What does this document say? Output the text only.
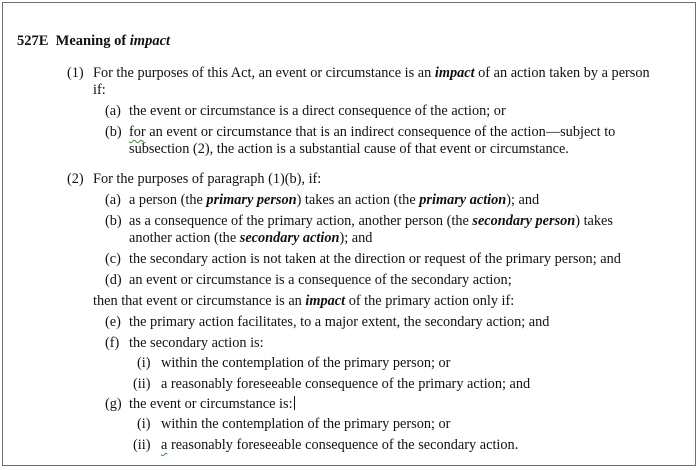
527E Meaning of impact
(1) For the purposes of this Act, an event or circumstance is an impact of an action taken by a person
if:
(a) the event or circumstance is a direct consequence of the action; or
(b) for an event or circumstance that is an indirect consequence of the action—subject to
subsection (2), the action is a substantial cause of that event or circumstance.
(2) For the purposes of paragraph (1)(b), if:
(a) a person (the primary person) takes an action (the primary action); and
(b) as a consequence of the primary action, another person (the secondary person) takes
another action (the secondary action); and
(c) the secondary action is not taken at the direction or request of the primary person; and
(d) an event or circumstance is a consequence of the secondary action;
then that event or circumstance is an impact of the primary action only if:
(e) the primary action facilitates, to a major extent, the secondary action; and
(f) the secondary action is:
(i) within the contemplation of the primary person; or
(ii) a reasonably foreseeable consequence of the primary action; and
(g) the event or circumstance is:
(i) within the contemplation of the primary person; or
(ii) a reasonably foreseeable consequence of the secondary action.
